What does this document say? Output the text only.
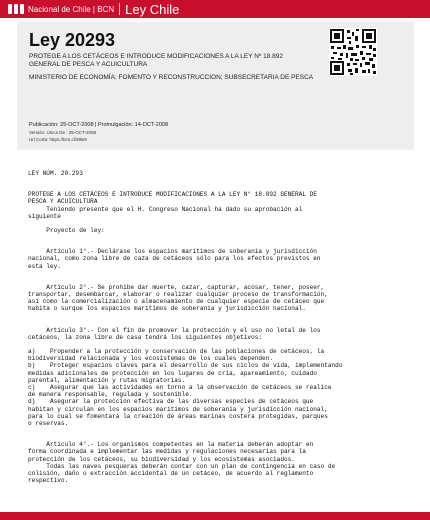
Nacional de Chile | BCN Ley Chile
Ley 20293
PROTEGE A LOS CETÁCEOS E INTRODUCE MODIFICACIONES A LA LEY Nº 18.892 GENERAL DE PESCA Y ACUICULTURA
MINISTERIO DE ECONOMÍA; FOMENTO Y RECONSTRUCCION; SUBSECRETARIA DE PESCA
Publicación: 25-OCT-2008 | Promulgación: 14-OCT-2008
Versión: Única De : 25-OCT-2008
Url Corta: https://bcn.cl/39ls9

LEY NÚM. 20.293

PROTEGE A LOS CETÁCEOS E INTRODUCE MODIFICACIONES A LA LEY N° 18.892 GENERAL DE
PESCA Y ACUICULTURA

Teniendo presente que el H. Congreso Nacional ha dado su aprobación al
siguiente

Proyecto de ley:

Artículo 1°.- Declárase los espacios marítimos de soberanía y jurisdicción
nacional, como zona libre de caza de cetáceos sólo para los efectos previstos en
esta ley.

Artículo 2°.- Se prohíbe dar muerte, cazar, capturar, acosar, tener, poseer,
transportar, desembarcar, elaborar o realizar cualquier proceso de transformación,
así como la comercialización o almacenamiento de cualquier especie de cetáceo que
habita o surque los espacios marítimos de soberanía y jurisdicción nacional.

Artículo 3°.- Con el fin de promover la protección y el uso no letal de los
cetáceos, la zona libre de casa tendrá los siguientes objetivos:

a)    Propender a la protección y conservación de las poblaciones de cetáceos, la
biodiversidad relacionada y los ecosistemas de los cuales dependen.
b)    Proteger espacios claves para el desarrollo de sus ciclos de vida, implementando
medidas adicionales de protección en los lugares de cría, apareamiento, cuidado
parental, alimentación y rutas migratorias.
c)    Asegurar que las actividades en torno a la observación de cetáceos se realice
de manera responsable, regulada y sostenible.
d)    Asegurar la protección efectiva de las diversas especies de cetáceos que
habitan y circulan en los espacios marítimos de soberanía y jurisdicción nacional,
para lo cual se fomentará la creación de áreas marinas costera protegidas, parques
o reservas.

Artículo 4°.- Los organismos competentes en la materia deberán adoptar en
forma coordinada e implementar las medidas y regulaciones necesarias para la
protección de los cetáceos, su biodiversidad y los ecosistemas asociados.
Todas las naves pesqueras deberán contar con un plan de contingencia en caso de
colisión, daño o extracción accidental de un cetáceo, de acuerdo al reglamento
respectivo.
